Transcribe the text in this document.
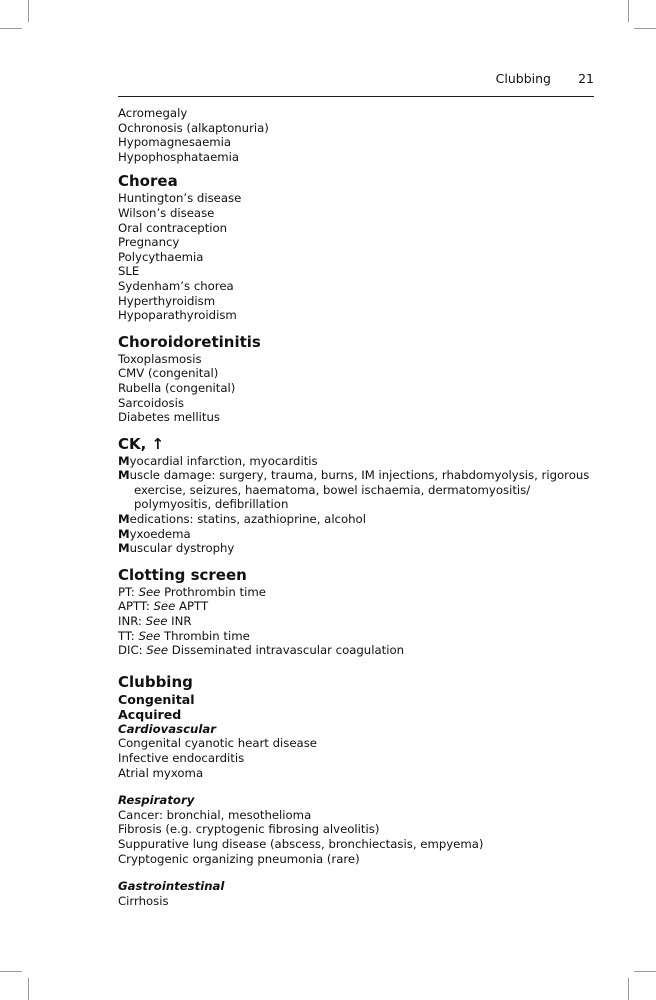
Clubbing 21
Acromegaly
Ochronosis (alkaptonuria)
Hypomagnesaemia
Hypophosphataemia
Chorea
Huntington’s disease
Wilson’s disease
Oral contraception
Pregnancy
Polycythaemia
SLE
Sydenham’s chorea
Hyperthyroidism
Hypoparathyroidism
Choroidoretinitis
Toxoplasmosis
CMV (congenital)
Rubella (congenital)
Sarcoidosis
Diabetes mellitus
CK, ↑
Myocardial infarction, myocarditis
Muscle damage: surgery, trauma, burns, IM injections, rhabdomyolysis, rigorous
exercise, seizures, haematoma, bowel ischaemia, dermatomyositis/
polymyositis, defibrillation
Medications: statins, azathioprine, alcohol
Myxoedema
Muscular dystrophy
Clotting screen
PT: See Prothrombin time
APTT: See APTT
INR: See INR
TT: See Thrombin time
DIC: See Disseminated intravascular coagulation
Clubbing
Congenital
Acquired
Cardiovascular
Congenital cyanotic heart disease
Infective endocarditis
Atrial myxoma
Respiratory
Cancer: bronchial, mesothelioma
Fibrosis (e.g. cryptogenic fibrosing alveolitis)
Suppurative lung disease (abscess, bronchiectasis, empyema)
Cryptogenic organizing pneumonia (rare)
Gastrointestinal
Cirrhosis
